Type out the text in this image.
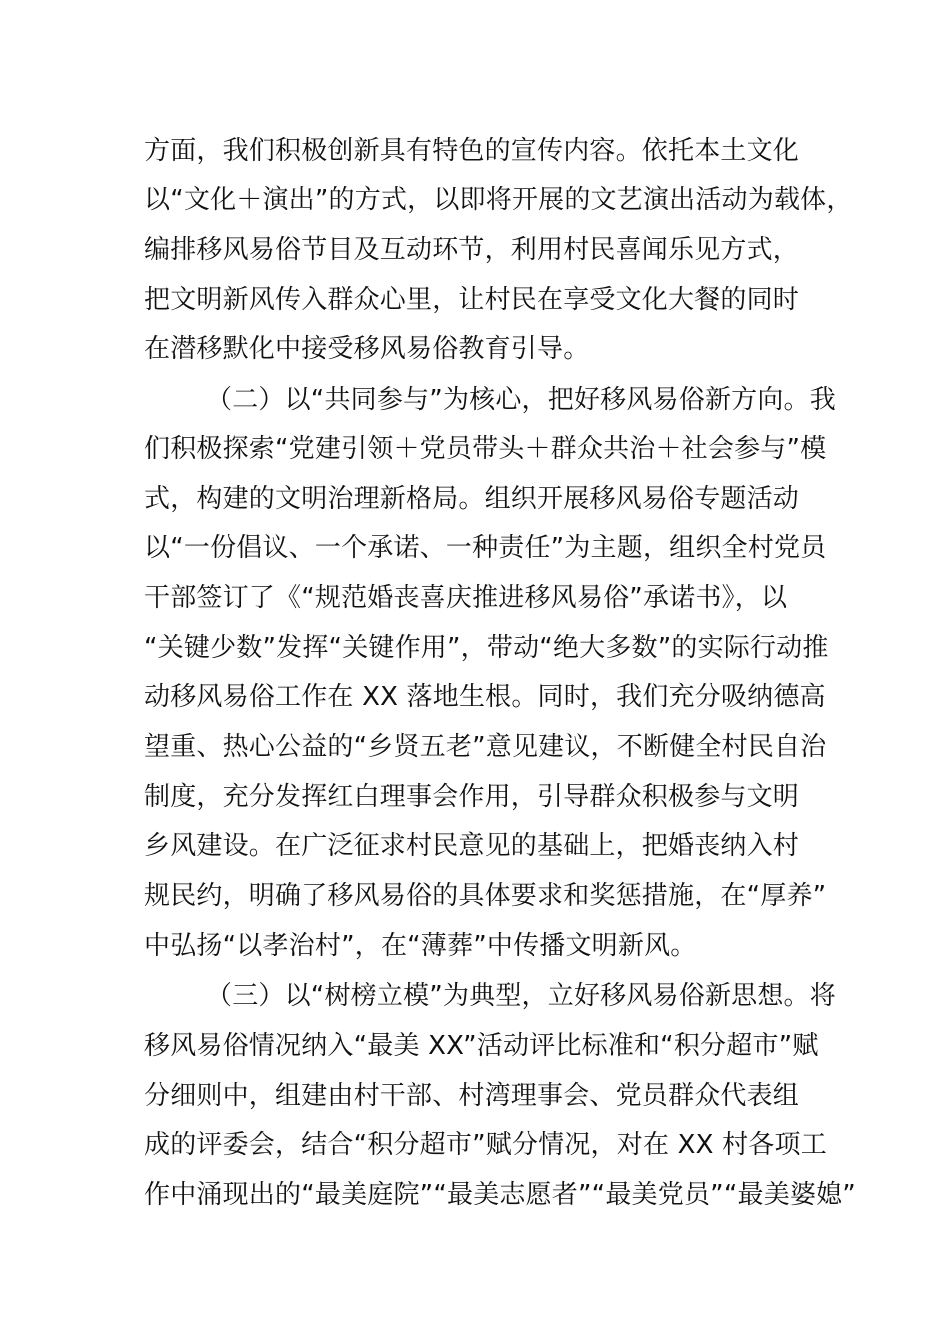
方面，我们积极创新具有特色的宣传内容。依托本土文化
以“文化＋演出”的方式，以即将开展的文艺演出活动为载体，
编排移风易俗节目及互动环节，利用村民喜闻乐见方式，
把文明新风传入群众心里，让村民在享受文化大餐的同时
在潜移默化中接受移风易俗教育引导。
（二）以“共同参与”为核心，把好移风易俗新方向。我
们积极探索“党建引领＋党员带头＋群众共治＋社会参与”模
式，构建的文明治理新格局。组织开展移风易俗专题活动
以“一份倡议、一个承诺、一种责任”为主题，组织全村党员
干部签订了《“规范婚丧喜庆推进移风易俗”承诺书》，以
“关键少数”发挥“关键作用”，带动“绝大多数”的实际行动推
动移风易俗工作在 XX 落地生根。同时，我们充分吸纳德高
望重、热心公益的“乡贤五老”意见建议，不断健全村民自治
制度，充分发挥红白理事会作用，引导群众积极参与文明
乡风建设。在广泛征求村民意见的基础上，把婚丧纳入村
规民约，明确了移风易俗的具体要求和奖惩措施，在“厚养”
中弘扬“以孝治村”，在“薄葬”中传播文明新风。
（三）以“树榜立模”为典型，立好移风易俗新思想。将
移风易俗情况纳入“最美 XX”活动评比标准和“积分超市”赋
分细则中，组建由村干部、村湾理事会、党员群众代表组
成的评委会，结合“积分超市”赋分情况，对在 XX 村各项工
作中涌现出的“最美庭院”“最美志愿者”“最美党员”“最美婆媳”
